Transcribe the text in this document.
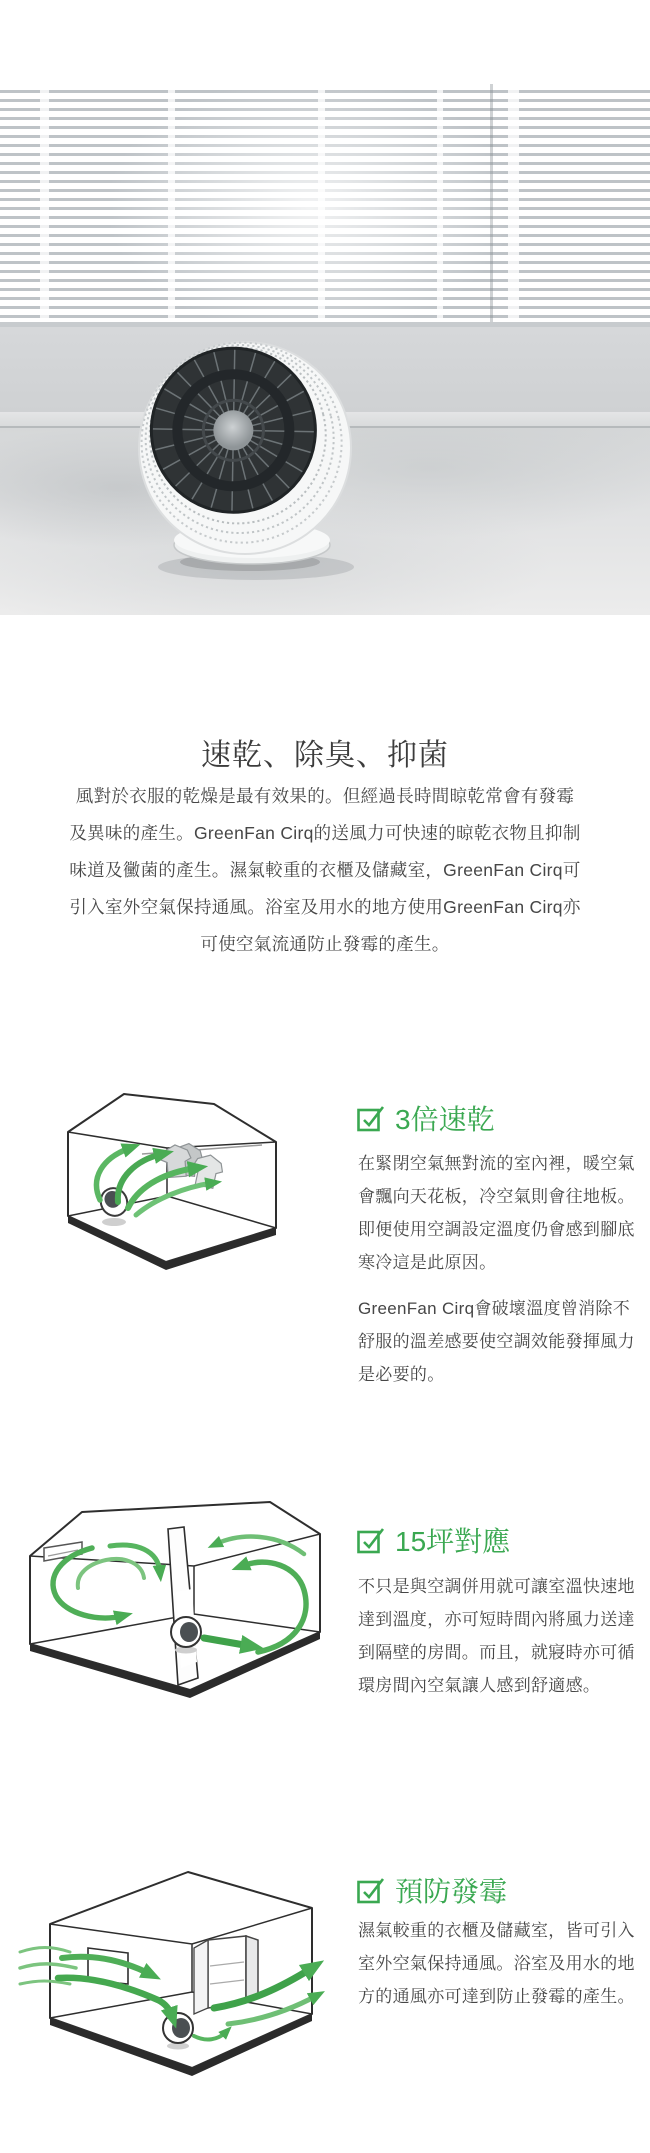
速乾、除臭、抑菌

風對於衣服的乾燥是最有效果的。但經過長時間晾乾常會有發霉及異味的產生。GreenFan Cirq的送風力可快速的晾乾衣物且抑制味道及黴菌的產生。濕氣較重的衣櫃及儲藏室，GreenFan Cirq可引入室外空氣保持通風。浴室及用水的地方使用GreenFan Cirq亦可使空氣流通防止發霉的產生。

3倍速乾

在緊閉空氣無對流的室內裡，暖空氣會飄向天花板，冷空氣則會往地板。即便使用空調設定溫度仍會感到腳底寒冷這是此原因。

GreenFan Cirq會破壞溫度曾消除不舒服的溫差感要使空調效能發揮風力是必要的。

15坪對應

不只是與空調併用就可讓室溫快速地達到溫度，亦可短時間內將風力送達到隔壁的房間。而且，就寢時亦可循環房間內空氣讓人感到舒適感。

預防發霉

濕氣較重的衣櫃及儲藏室，皆可引入室外空氣保持通風。浴室及用水的地方的通風亦可達到防止發霉的產生。
